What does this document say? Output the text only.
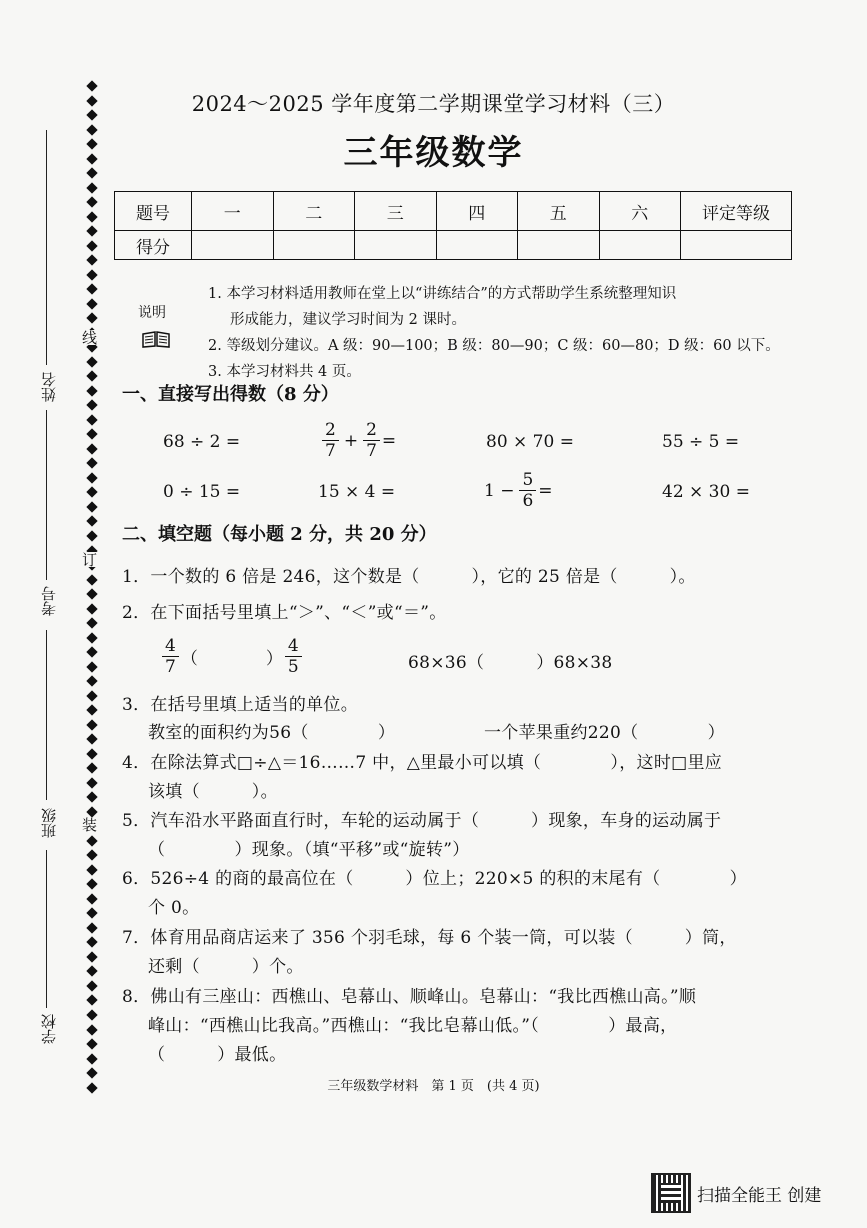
线
订
装
姓名
考号
班级
学校
2024～2025 学年度第二学期课堂学习材料（三）
三年级数学
题号	一	二	三	四	五	六	评定等级
得分							
说明
1. 本学习材料适用教师在堂上以“讲练结合”的方式帮助学生系统整理知识
形成能力，建议学习时间为 2 课时。
2. 等级划分建议。A 级：90—100；B 级：80—90；C 级：60—80；D 级：60 以下。
3. 本学习材料共 4 页。
一、直接写出得数（8 分）
68 ÷ 2 =	$\frac{2}{7} + \frac{2}{7}$ =	80 × 70 =	55 ÷ 5 =
0 ÷ 15 =	15 × 4 =	$1 - \frac{5}{6}$ =	42 × 30 =
二、填空题（每小题 2 分，共 20 分）
1．一个数的 6 倍是 246，这个数是（　　　），它的 25 倍是（　　　）。
2．在下面括号里填上“＞”、“＜”或“＝”。
$\frac{4}{7}$ （　　　　） $\frac{4}{5}$	68×36（　　　）68×38
3．在括号里填上适当的单位。
教室的面积约为56（　　　　）	一个苹果重约220（　　　　）
4．在除法算式□÷△＝16……7 中，△里最小可以填（　　　　），这时□里应
该填（　　　）。
5．汽车沿水平路面直行时，车轮的运动属于（　　　）现象，车身的运动属于
（　　　　）现象。（填“平移”或“旋转”）
6．526÷4 的商的最高位在（　　　）位上；220×5 的积的末尾有（　　　　）
个 0。
7．体育用品商店运来了 356 个羽毛球，每 6 个装一筒，可以装（　　　）筒，
还剩（　　　）个。
8．佛山有三座山：西樵山、皂幕山、顺峰山。皂幕山：“我比西樵山高。”顺
峰山：“西樵山比我高。”西樵山：“我比皂幕山低。”（　　　　）最高，
（　　　）最低。
三年级数学材料　第 1 页　(共 4 页)
扫描全能王 创建
